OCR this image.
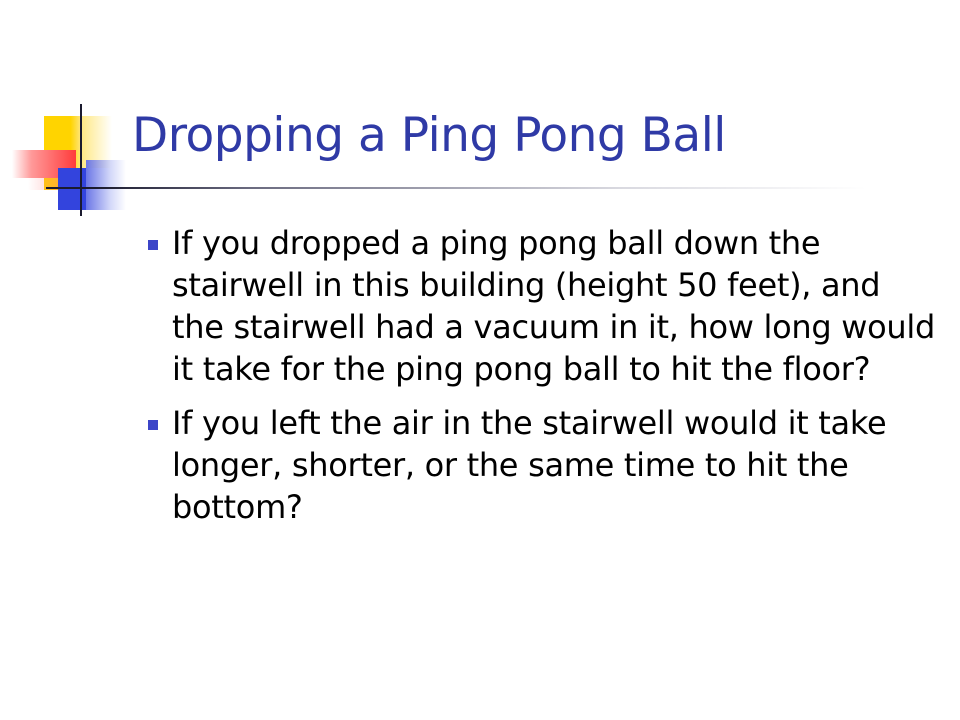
Dropping a Ping Pong Ball
If you dropped a ping pong ball down the stairwell in this building (height 50 feet), and the stairwell had a vacuum in it, how long would it take for the ping pong ball to hit the floor?
If you left the air in the stairwell would it take longer, shorter, or the same time to hit the bottom?
